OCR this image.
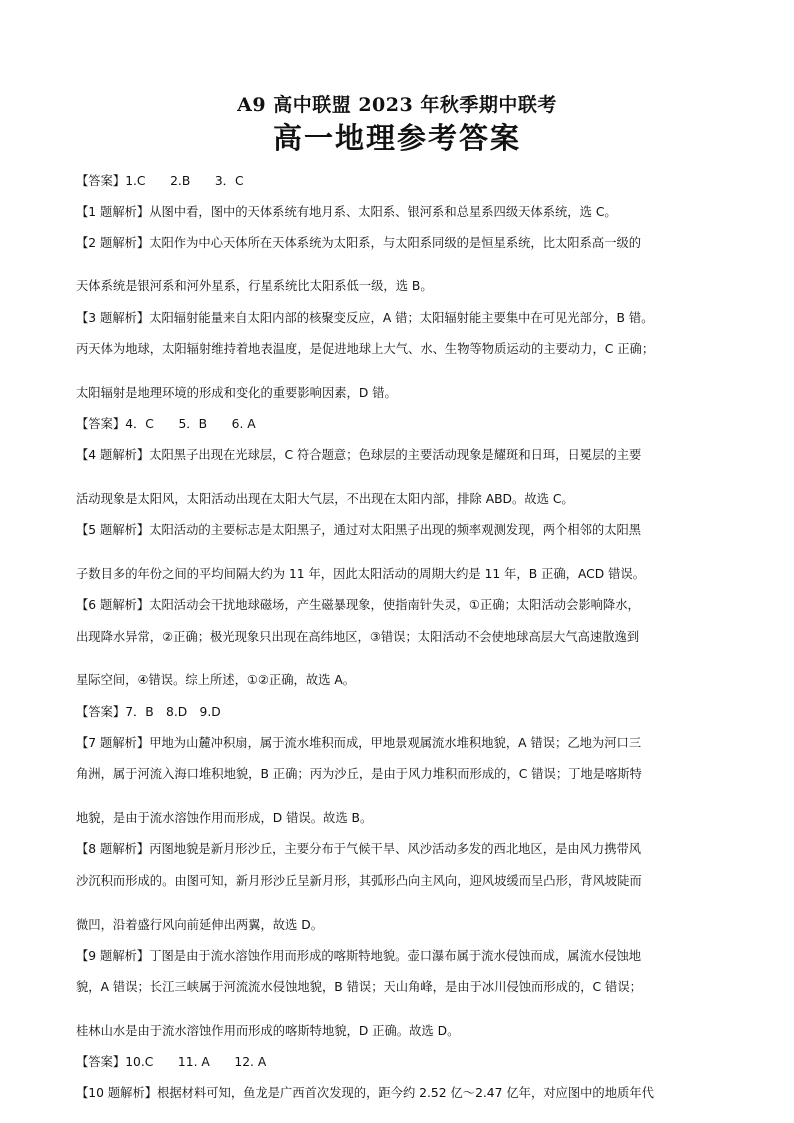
A9 高中联盟 2023 年秋季期中联考
高一地理参考答案
【答案】1.C　　2.B　　3．C
【1 题解析】从图中看，图中的天体系统有地月系、太阳系、银河系和总星系四级天体系统，选 C。
【2 题解析】太阳作为中心天体所在天体系统为太阳系，与太阳系同级的是恒星系统，比太阳系高一级的
天体系统是银河系和河外星系，行星系统比太阳系低一级，选 B。
【3 题解析】太阳辐射能量来自太阳内部的核聚变反应，A 错；太阳辐射能主要集中在可见光部分，B 错。
丙天体为地球，太阳辐射维持着地表温度，是促进地球上大气、水、生物等物质运动的主要动力，C 正确；
太阳辐射是地理环境的形成和变化的重要影响因素，D 错。
【答案】4．C　　5．B　　6. A
【4 题解析】太阳黑子出现在光球层，C 符合题意；色球层的主要活动现象是耀斑和日珥，日冕层的主要
活动现象是太阳风，太阳活动出现在太阳大气层，不出现在太阳内部，排除 ABD。故选 C。
【5 题解析】太阳活动的主要标志是太阳黑子，通过对太阳黑子出现的频率观测发现，两个相邻的太阳黑
子数目多的年份之间的平均间隔大约为 11 年，因此太阳活动的周期大约是 11 年，B 正确，ACD 错误。
【6 题解析】太阳活动会干扰地球磁场，产生磁暴现象，使指南针失灵，①正确；太阳活动会影响降水，
出现降水异常，②正确；极光现象只出现在高纬地区，③错误；太阳活动不会使地球高层大气高速散逸到
星际空间，④错误。综上所述，①②正确，故选 A。
【答案】7．B　8.D　9.D
【7 题解析】甲地为山麓冲积扇，属于流水堆积而成，甲地景观属流水堆积地貌，A 错误；乙地为河口三
角洲，属于河流入海口堆积地貌，B 正确；丙为沙丘，是由于风力堆积而形成的，C 错误；丁地是喀斯特
地貌，是由于流水溶蚀作用而形成，D 错误。故选 B。
【8 题解析】丙图地貌是新月形沙丘，主要分布于气候干旱、风沙活动多发的西北地区，是由风力携带风
沙沉积而形成的。由图可知，新月形沙丘呈新月形，其弧形凸向主风向，迎风坡缓而呈凸形，背风坡陡而
微凹，沿着盛行风向前延伸出两翼，故选 D。
【9 题解析】丁图是由于流水溶蚀作用而形成的喀斯特地貌。壶口瀑布属于流水侵蚀而成，属流水侵蚀地
貌，A 错误；长江三峡属于河流流水侵蚀地貌，B 错误；天山角峰，是由于冰川侵蚀而形成的，C 错误；
桂林山水是由于流水溶蚀作用而形成的喀斯特地貌，D 正确。故选 D。
【答案】10.C　　11. A　　12. A
【10 题解析】根据材料可知，鱼龙是广西首次发现的，距今约 2.52 亿～2.47 亿年，对应图中的地质年代
